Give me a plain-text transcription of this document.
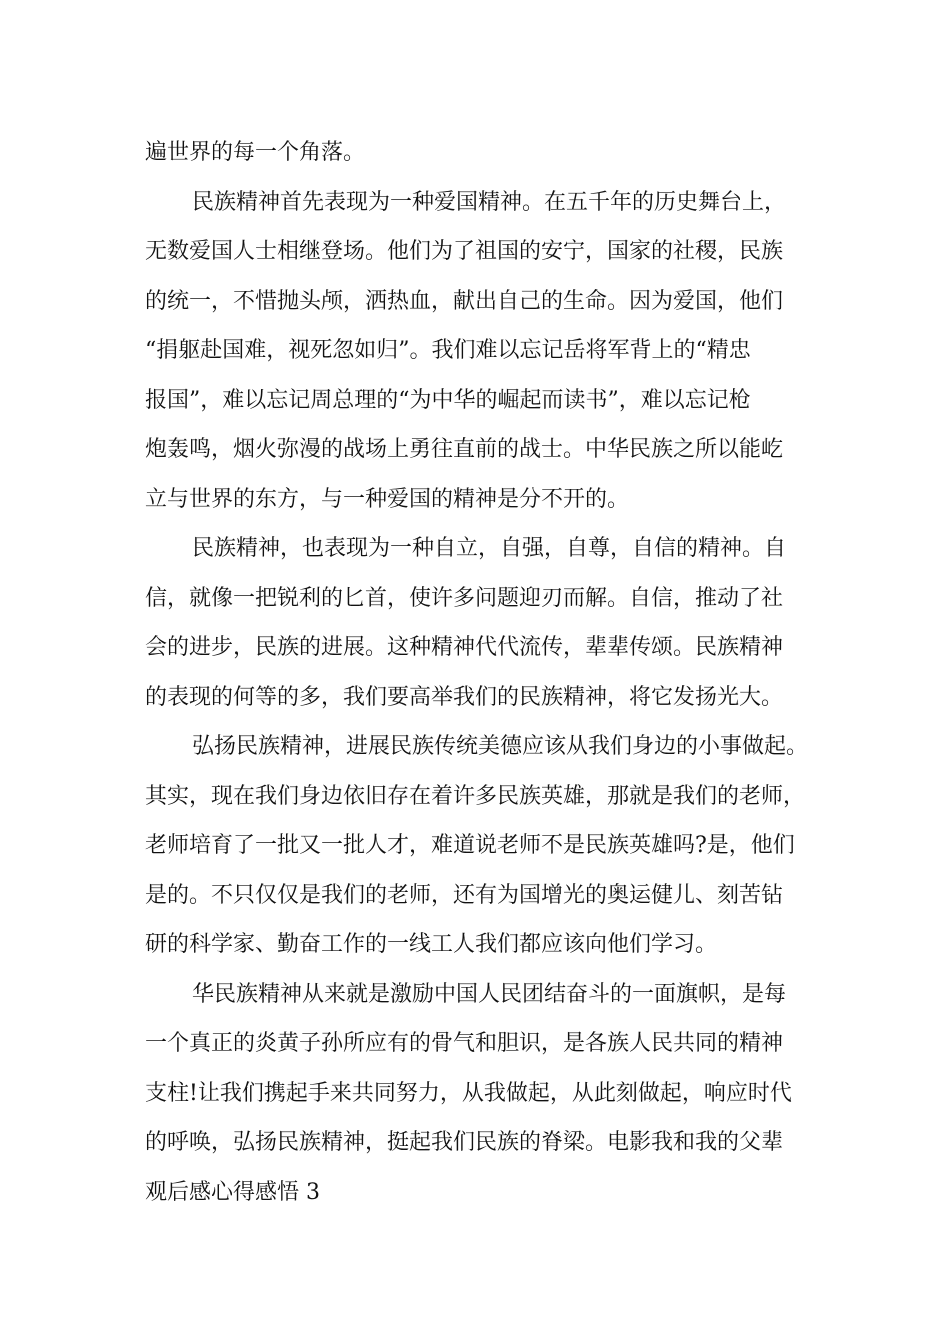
遍世界的每一个角落。
民族精神首先表现为一种爱国精神。在五千年的历史舞台上，
无数爱国人士相继登场。他们为了祖国的安宁，国家的社稷，民族
的统一，不惜抛头颅，洒热血，献出自己的生命。因为爱国，他们
“捐躯赴国难，视死忽如归”。我们难以忘记岳将军背上的“精忠
报国”，难以忘记周总理的“为中华的崛起而读书”，难以忘记枪
炮轰鸣，烟火弥漫的战场上勇往直前的战士。中华民族之所以能屹
立与世界的东方，与一种爱国的精神是分不开的。
民族精神，也表现为一种自立，自强，自尊，自信的精神。自
信，就像一把锐利的匕首，使许多问题迎刃而解。自信，推动了社
会的进步，民族的进展。这种精神代代流传，辈辈传颂。民族精神
的表现的何等的多，我们要高举我们的民族精神，将它发扬光大。
弘扬民族精神，进展民族传统美德应该从我们身边的小事做起。
其实，现在我们身边依旧存在着许多民族英雄，那就是我们的老师，
老师培育了一批又一批人才，难道说老师不是民族英雄吗?是，他们
是的。不只仅仅是我们的老师，还有为国增光的奥运健儿、刻苦钻
研的科学家、勤奋工作的一线工人我们都应该向他们学习。
华民族精神从来就是激励中国人民团结奋斗的一面旗帜，是每
一个真正的炎黄子孙所应有的骨气和胆识，是各族人民共同的精神
支柱!让我们携起手来共同努力，从我做起，从此刻做起，响应时代
的呼唤，弘扬民族精神，挺起我们民族的脊梁。电影我和我的父辈
观后感心得感悟 3
